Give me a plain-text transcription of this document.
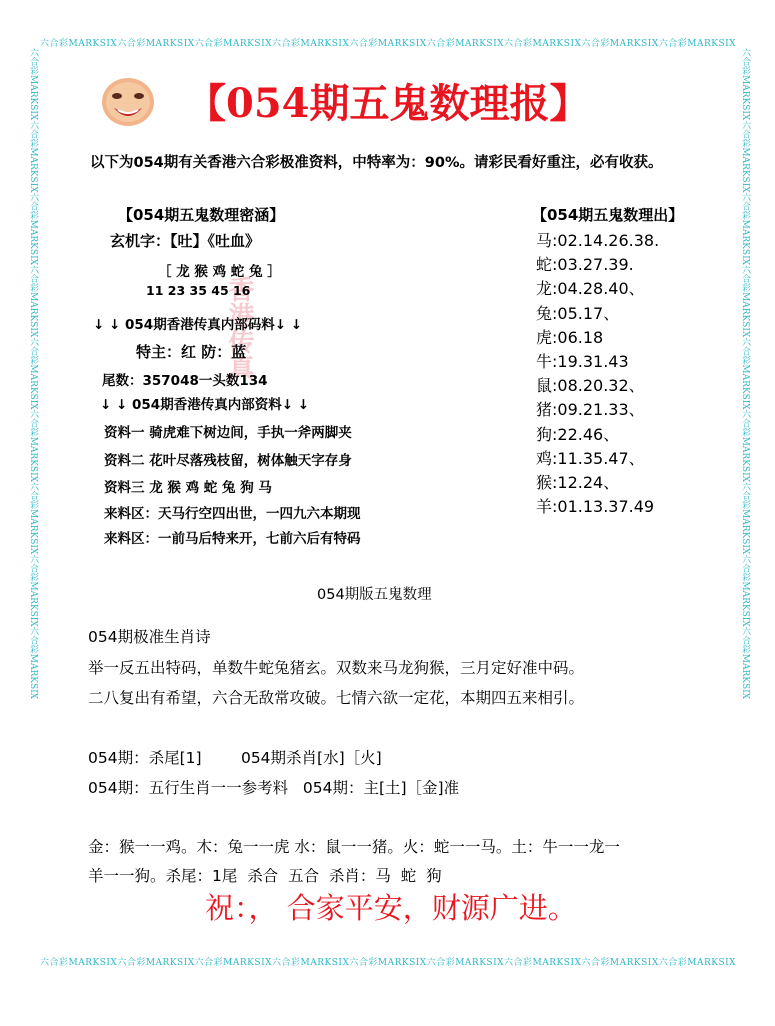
六合彩MARKSIX六合彩MARKSIX六合彩MARKSIX六合彩MARKSIX六合彩MARKSIX六合彩MARKSIX六合彩MARKSIX六合彩MARKSIX六合彩MARKSIX
六合彩MARKSIX六合彩MARKSIX六合彩MARKSIX六合彩MARKSIX六合彩MARKSIX六合彩MARKSIX六合彩MARKSIX六合彩MARKSIX六合彩MARKSIX
六合彩MARKSIX六合彩MARKSIX六合彩MARKSIX六合彩MARKSIX六合彩MARKSIX六合彩MARKSIX六合彩MARKSIX六合彩MARKSIX六合彩MARKSIX	六合彩MARKSIX六合彩MARKSIX六合彩MARKSIX六合彩MARKSIX六合彩MARKSIX六合彩MARKSIX六合彩MARKSIX六合彩MARKSIX六合彩MARKSIX
【054期五鬼数理报】
以下为054期有关香港六合彩极准资料，中特率为：90%。请彩民看好重注，必有收获。
香港传真
【054期五鬼数理密涵】
玄机字：【吐】《吐血》
［ 龙 猴 鸡 蛇 兔 ］
11 23 35 45 16
↓ ↓ 054期香港传真内部码料↓ ↓
特主：红 防：蓝
尾数：357048一头数134
↓ ↓ 054期香港传真内部资料↓ ↓
资料一 骑虎难下树边间，手执一斧两脚夹
资料二 花叶尽落残枝留，树体触天字存身
资料三 龙 猴 鸡 蛇 兔 狗 马
来料区：天马行空四出世，一四九六本期现
来料区：一前马后特来开，七前六后有特码
【054期五鬼数理出】
马:02.14.26.38.
蛇:03.27.39.
龙:04.28.40、
兔:05.17、
虎:06.18
牛:19.31.43
鼠:08.20.32、
猪:09.21.33、
狗:22.46、
鸡:11.35.47、
猴:12.24、
羊:01.13.37.49
054期版五鬼数理
054期极准生肖诗
举一反五出特码，单数牛蛇兔猪玄。双数来马龙狗猴，三月定好准中码。
二八复出有希望，六合无敌常攻破。七情六欲一定花，本期四五来相引。
054期：杀尾[1]        054期杀肖[水]［火]
054期：五行生肖一一参考料   054期：主[土]［金]准
金：猴一一鸡。木：兔一一虎 水：鼠一一猪。火：蛇一一马。土：牛一一龙一
羊一一狗。杀尾：1尾  杀合  五合  杀肖：马  蛇  狗
祝：， 合家平安，财源广进。
